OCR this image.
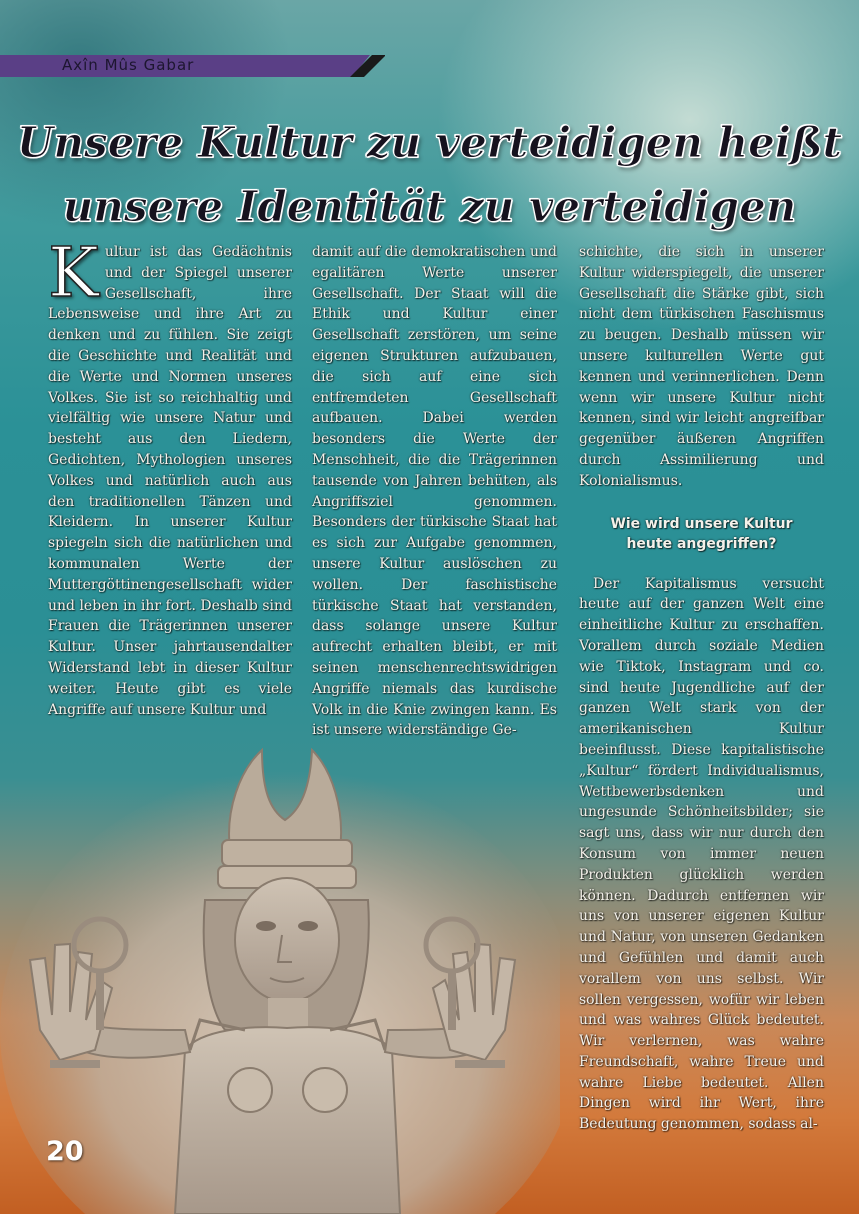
Axîn Mûs Gabar
Unsere Kultur zu verteidigen heißt
unsere Identität zu verteidigen
K ultur ist das Gedächtnis und der Spiegel unserer Gesellschaft, ihre Lebensweise und ihre Art zu denken und zu fühlen. Sie zeigt die Geschichte und Realität und die Werte und Normen unseres Volkes. Sie ist so reichhaltig und vielfältig wie unsere Natur und besteht aus den Liedern, Gedichten, Mythologien unseres Volkes und natürlich auch aus den traditionellen Tänzen und Kleidern. In unserer Kultur spiegeln sich die natürlichen und kommunalen Werte der Muttergöttinengesellschaft wider und leben in ihr fort. Deshalb sind Frauen die Trägerinnen unserer Kultur. Unser jahrtausendalter Widerstand lebt in dieser Kultur weiter. Heute gibt es viele Angriffe auf unsere Kultur und

damit auf die demokratischen und egalitären Werte unserer Gesellschaft. Der Staat will die Ethik und Kultur einer Gesellschaft zerstören, um seine eigenen Strukturen aufzubauen, die sich auf eine sich entfremdeten Gesellschaft aufbauen. Dabei werden besonders die Werte der Menschheit, die die Trägerinnen tausende von Jahren behüten, als Angriffsziel genommen. Besonders der türkische Staat hat es sich zur Aufgabe genommen, unsere Kultur auslöschen zu wollen. Der faschistische türkische Staat hat verstanden, dass solange unsere Kultur aufrecht erhalten bleibt, er mit seinen menschenrechtswidrigen Angriffe niemals das kurdische Volk in die Knie zwingen kann. Es ist unsere widerständige Ge-

schichte, die sich in unserer Kultur widerspiegelt, die unserer Gesellschaft die Stärke gibt, sich nicht dem türkischen Faschismus zu beugen. Deshalb müssen wir unsere kulturellen Werte gut kennen und verinnerlichen. Denn wenn wir unsere Kultur nicht kennen, sind wir leicht angreifbar gegenüber äußeren Angriffen durch Assimilierung und Kolonialismus.

Wie wird unsere Kultur
heute angegriffen?

Der Kapitalismus versucht heute auf der ganzen Welt eine einheitliche Kultur zu erschaffen. Vorallem durch soziale Medien wie Tiktok, Instagram und co. sind heute Jugendliche auf der ganzen Welt stark von der amerikanischen Kultur beeinflusst. Diese kapitalistische „Kultur“ fördert Individualismus, Wettbewerbsdenken und ungesunde Schönheitsbilder; sie sagt uns, dass wir nur durch den Konsum von immer neuen Produkten glücklich werden können. Dadurch entfernen wir uns von unserer eigenen Kultur und Natur, von unseren Gedanken und Gefühlen und damit auch vorallem von uns selbst. Wir sollen vergessen, wofür wir leben und was wahres Glück bedeutet. Wir verlernen, was wahre Freundschaft, wahre Treue und wahre Liebe bedeutet. Allen Dingen wird ihr Wert, ihre Bedeutung genommen, sodass al-

20
